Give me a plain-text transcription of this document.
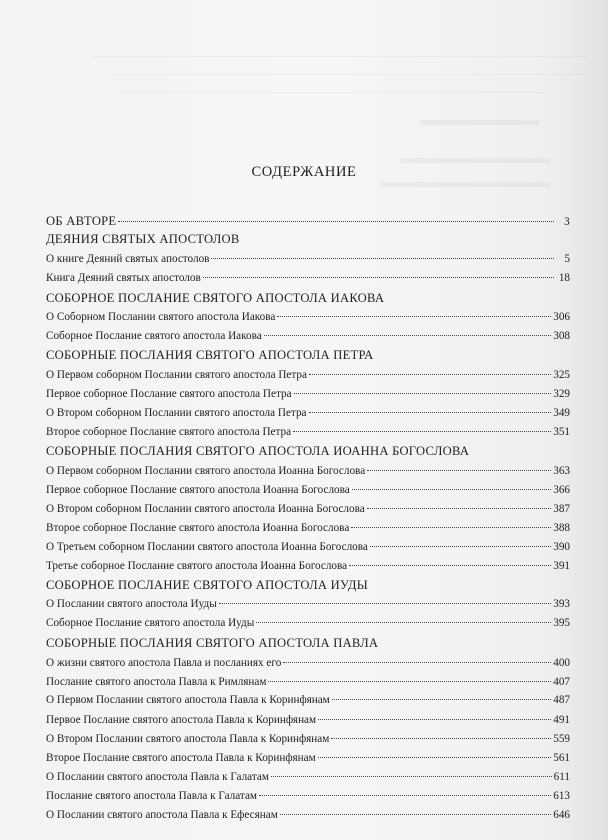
СОДЕРЖАНИЕ
ОБ АВТОРЕ	3
ДЕЯНИЯ СВЯТЫХ АПОСТОЛОВ
О книге Деяний святых апостолов	5
Книга Деяний святых апостолов	18
СОБОРНОЕ ПОСЛАНИЕ СВЯТОГО АПОСТОЛА ИАКОВА
О Соборном Послании святого апостола Иакова	306
Соборное Послание святого апостола Иакова	308
СОБОРНЫЕ ПОСЛАНИЯ СВЯТОГО АПОСТОЛА ПЕТРА
О Первом соборном Послании святого апостола Петра	325
Первое соборное Послание святого апостола Петра	329
О Втором соборном Послании святого апостола Петра	349
Второе соборное Послание святого апостола Петра	351
СОБОРНЫЕ ПОСЛАНИЯ СВЯТОГО АПОСТОЛА ИОАННА БОГОСЛОВА
О Первом соборном Послании святого апостола Иоанна Богослова	363
Первое соборное Послание святого апостола Иоанна Богослова	366
О Втором соборном Послании святого апостола Иоанна Богослова	387
Второе соборное Послание святого апостола Иоанна Богослова	388
О Третьем соборном Послании святого апостола Иоанна Богослова	390
Третье соборное Послание святого апостола Иоанна Богослова	391
СОБОРНОЕ ПОСЛАНИЕ СВЯТОГО АПОСТОЛА ИУДЫ
О Послании святого апостола Иуды	393
Соборное Послание святого апостола Иуды	395
СОБОРНЫЕ ПОСЛАНИЯ СВЯТОГО АПОСТОЛА ПАВЛА
О жизни святого апостола Павла и посланиях его	400
Послание святого апостола Павла к Римлянам	407
О Первом Послании святого апостола Павла к Коринфянам	487
Первое Послание святого апостола Павла к Коринфянам	491
О Втором Послании святого апостола Павла к Коринфянам	559
Второе Послание святого апостола Павла к Коринфянам	561
О Послании святого апостола Павла к Галатам	611
Послание святого апостола Павла к Галатам	613
О Послании святого апостола Павла к Ефесянам	646
